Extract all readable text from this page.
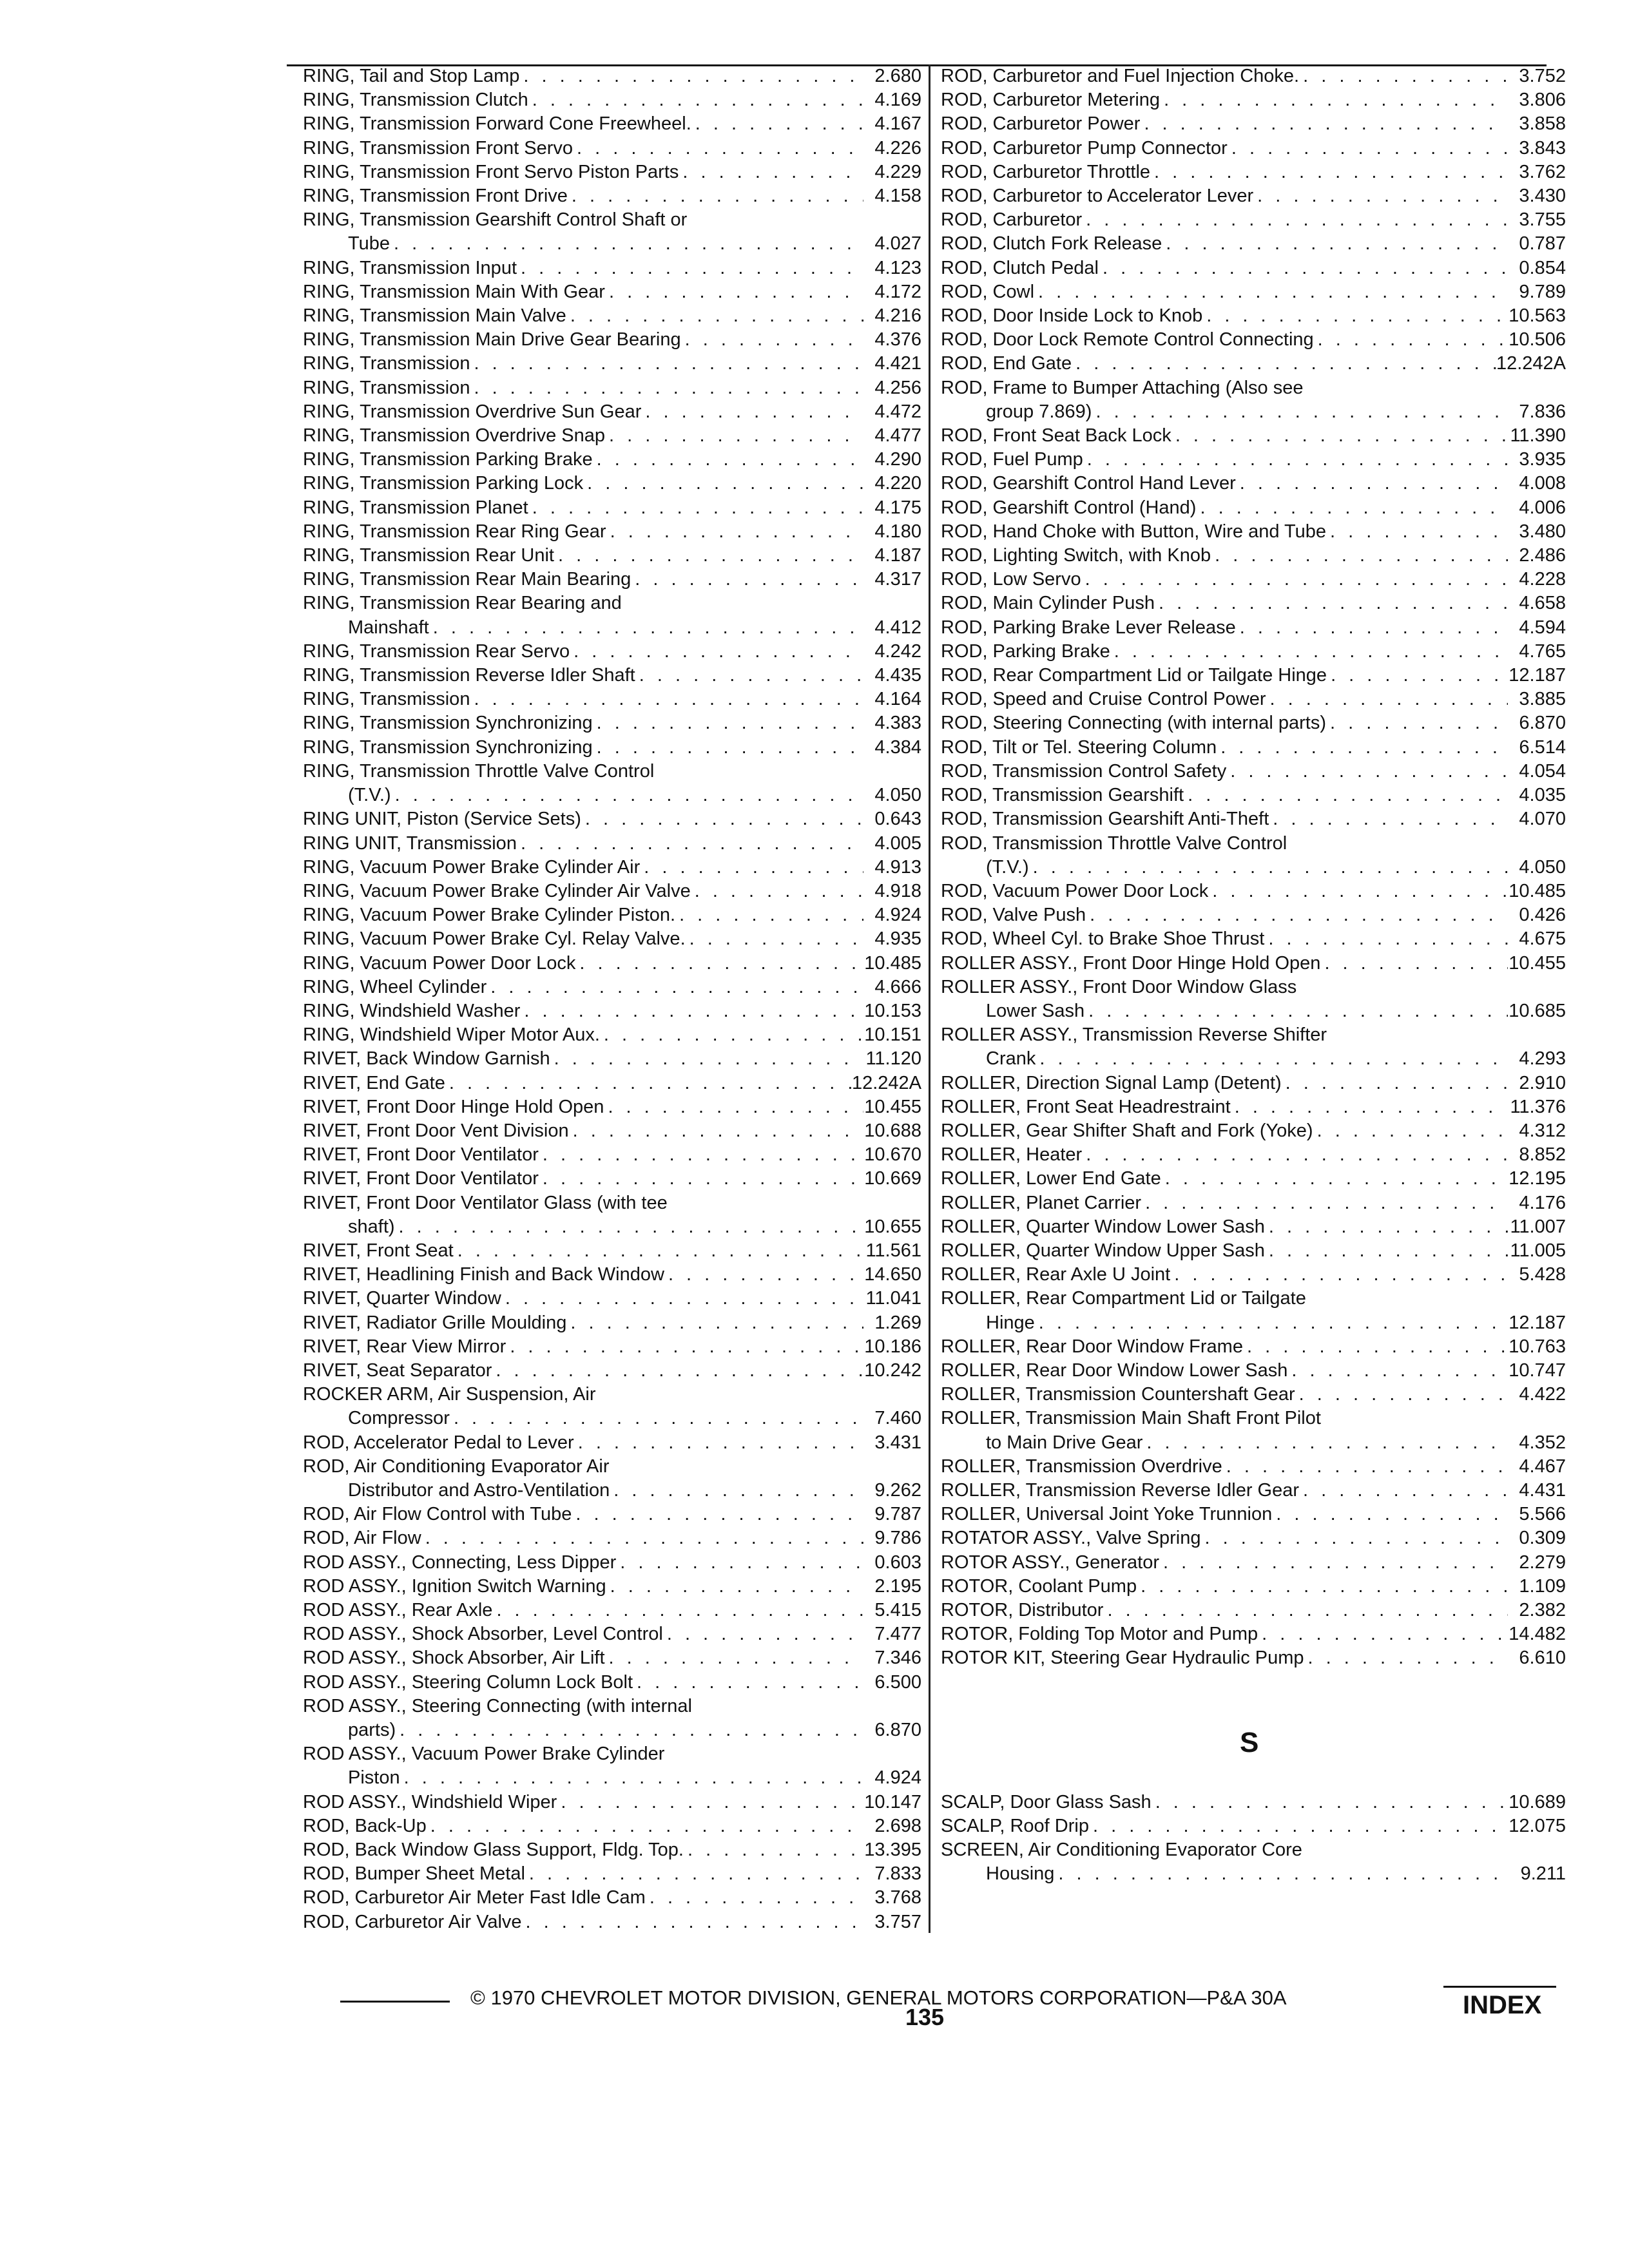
RING, Tail and Stop Lamp . . .	2.680
RING, Transmission Clutch . . .	4.169
RING, Transmission Forward Cone Freewheel. . . .	4.167
RING, Transmission Front Servo . . .	4.226
RING, Transmission Front Servo Piston Parts . . .	4.229
RING, Transmission Front Drive . . .	4.158
RING, Transmission Gearshift Control Shaft or
Tube . . .	4.027
RING, Transmission Input . . .	4.123
RING, Transmission Main With Gear . . .	4.172
RING, Transmission Main Valve . . .	4.216
RING, Transmission Main Drive Gear Bearing . . .	4.376
RING, Transmission . . .	4.421
RING, Transmission . . .	4.256
RING, Transmission Overdrive Sun Gear . . .	4.472
RING, Transmission Overdrive Snap . . .	4.477
RING, Transmission Parking Brake . . .	4.290
RING, Transmission Parking Lock . . .	4.220
RING, Transmission Planet . . .	4.175
RING, Transmission Rear Ring Gear . . .	4.180
RING, Transmission Rear Unit . . .	4.187
RING, Transmission Rear Main Bearing . . .	4.317
RING, Transmission Rear Bearing and
Mainshaft . . .	4.412
RING, Transmission Rear Servo . . .	4.242
RING, Transmission Reverse Idler Shaft . . .	4.435
RING, Transmission . . .	4.164
RING, Transmission Synchronizing . . .	4.383
RING, Transmission Synchronizing . . .	4.384
RING, Transmission Throttle Valve Control
(T.V.) . . .	4.050
RING UNIT, Piston (Service Sets) . . .	0.643
RING UNIT, Transmission . . .	4.005
RING, Vacuum Power Brake Cylinder Air . . .	4.913
RING, Vacuum Power Brake Cylinder Air Valve . . .	4.918
RING, Vacuum Power Brake Cylinder Piston. . . .	4.924
RING, Vacuum Power Brake Cyl. Relay Valve. . . .	4.935
RING, Vacuum Power Door Lock . . .	10.485
RING, Wheel Cylinder . . .	4.666
RING, Windshield Washer . . .	10.153
RING, Windshield Wiper Motor Aux. . . .	10.151
RIVET, Back Window Garnish . . .	11.120
RIVET, End Gate . . .	12.242A
RIVET, Front Door Hinge Hold Open . . .	10.455
RIVET, Front Door Vent Division . . .	10.688
RIVET, Front Door Ventilator . . .	10.670
RIVET, Front Door Ventilator . . .	10.669
RIVET, Front Door Ventilator Glass (with tee
shaft) . . .	10.655
RIVET, Front Seat . . .	11.561
RIVET, Headlining Finish and Back Window . . .	14.650
RIVET, Quarter Window . . .	11.041
RIVET, Radiator Grille Moulding . . .	1.269
RIVET, Rear View Mirror . . .	10.186
RIVET, Seat Separator . . .	10.242
ROCKER ARM, Air Suspension, Air
Compressor . . .	7.460
ROD, Accelerator Pedal to Lever . . .	3.431
ROD, Air Conditioning Evaporator Air
Distributor and Astro-Ventilation . . .	9.262
ROD, Air Flow Control with Tube . . .	9.787
ROD, Air Flow . . .	9.786
ROD ASSY., Connecting, Less Dipper . . .	0.603
ROD ASSY., Ignition Switch Warning . . .	2.195
ROD ASSY., Rear Axle . . .	5.415
ROD ASSY., Shock Absorber, Level Control . . .	7.477
ROD ASSY., Shock Absorber, Air Lift . . .	7.346
ROD ASSY., Steering Column Lock Bolt . . .	6.500
ROD ASSY., Steering Connecting (with internal
parts) . . .	6.870
ROD ASSY., Vacuum Power Brake Cylinder
Piston . . .	4.924
ROD ASSY., Windshield Wiper . . .	10.147
ROD, Back-Up . . .	2.698
ROD, Back Window Glass Support, Fldg. Top. . . .	13.395
ROD, Bumper Sheet Metal . . .	7.833
ROD, Carburetor Air Meter Fast Idle Cam . . .	3.768
ROD, Carburetor Air Valve . . .	3.757
ROD, Carburetor and Fuel Injection Choke. . . .	3.752
ROD, Carburetor Metering . . .	3.806
ROD, Carburetor Power . . .	3.858
ROD, Carburetor Pump Connector . . .	3.843
ROD, Carburetor Throttle . . .	3.762
ROD, Carburetor to Accelerator Lever . . .	3.430
ROD, Carburetor . . .	3.755
ROD, Clutch Fork Release . . .	0.787
ROD, Clutch Pedal . . .	0.854
ROD, Cowl . . .	9.789
ROD, Door Inside Lock to Knob . . .	10.563
ROD, Door Lock Remote Control Connecting . . .	10.506
ROD, End Gate . . .	12.242A
ROD, Frame to Bumper Attaching (Also see
group 7.869) . . .	7.836
ROD, Front Seat Back Lock . . .	11.390
ROD, Fuel Pump . . .	3.935
ROD, Gearshift Control Hand Lever . . .	4.008
ROD, Gearshift Control (Hand) . . .	4.006
ROD, Hand Choke with Button, Wire and Tube . . .	3.480
ROD, Lighting Switch, with Knob . . .	2.486
ROD, Low Servo . . .	4.228
ROD, Main Cylinder Push . . .	4.658
ROD, Parking Brake Lever Release . . .	4.594
ROD, Parking Brake . . .	4.765
ROD, Rear Compartment Lid or Tailgate Hinge . . .	12.187
ROD, Speed and Cruise Control Power . . .	3.885
ROD, Steering Connecting (with internal parts) . . .	6.870
ROD, Tilt or Tel. Steering Column . . .	6.514
ROD, Transmission Control Safety . . .	4.054
ROD, Transmission Gearshift . . .	4.035
ROD, Transmission Gearshift Anti-Theft . . .	4.070
ROD, Transmission Throttle Valve Control
(T.V.) . . .	4.050
ROD, Vacuum Power Door Lock . . .	10.485
ROD, Valve Push . . .	0.426
ROD, Wheel Cyl. to Brake Shoe Thrust . . .	4.675
ROLLER ASSY., Front Door Hinge Hold Open . . .	10.455
ROLLER ASSY., Front Door Window Glass
Lower Sash . . .	10.685
ROLLER ASSY., Transmission Reverse Shifter
Crank . . .	4.293
ROLLER, Direction Signal Lamp (Detent) . . .	2.910
ROLLER, Front Seat Headrestraint . . .	11.376
ROLLER, Gear Shifter Shaft and Fork (Yoke) . . .	4.312
ROLLER, Heater . . .	8.852
ROLLER, Lower End Gate . . .	12.195
ROLLER, Planet Carrier . . .	4.176
ROLLER, Quarter Window Lower Sash . . .	11.007
ROLLER, Quarter Window Upper Sash . . .	11.005
ROLLER, Rear Axle U Joint . . .	5.428
ROLLER, Rear Compartment Lid or Tailgate
Hinge . . .	12.187
ROLLER, Rear Door Window Frame . . .	10.763
ROLLER, Rear Door Window Lower Sash . . .	10.747
ROLLER, Transmission Countershaft Gear . . .	4.422
ROLLER, Transmission Main Shaft Front Pilot
to Main Drive Gear . . .	4.352
ROLLER, Transmission Overdrive . . .	4.467
ROLLER, Transmission Reverse Idler Gear . . .	4.431
ROLLER, Universal Joint Yoke Trunnion . . .	5.566
ROTATOR ASSY., Valve Spring . . .	0.309
ROTOR ASSY., Generator . . .	2.279
ROTOR, Coolant Pump . . .	1.109
ROTOR, Distributor . . .	2.382
ROTOR, Folding Top Motor and Pump . . .	14.482
ROTOR KIT, Steering Gear Hydraulic Pump . . .	6.610
SCALP, Door Glass Sash . . .	10.689
SCALP, Roof Drip . . .	12.075
SCREEN, Air Conditioning Evaporator Core
Housing . . .	9.211
S
© 1970 CHEVROLET MOTOR DIVISION, GENERAL MOTORS CORPORATION—P&A 30A
135	INDEX
